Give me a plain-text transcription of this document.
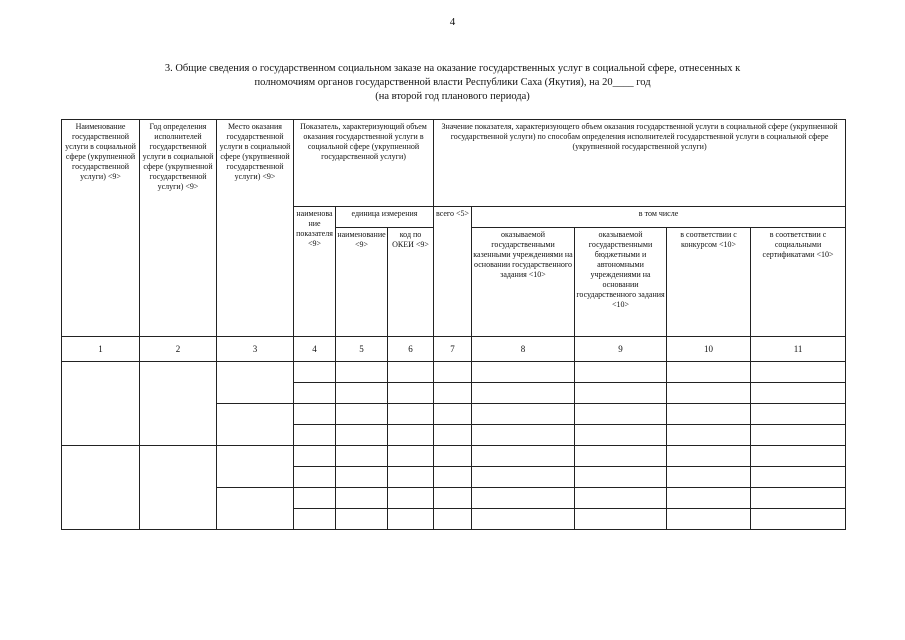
4
3. Общие сведения о государственном социальном заказе на оказание государственных услуг в социальной сфере, отнесенных к
полномочиям органов государственной власти Республики Саха (Якутия), на 20____ год
(на второй год планового периода)
Наименование государственной услуги в социальной сфере (укрупненной государственной услуги) <9>	Год определения исполнителей государственной услуги в социальной сфере (укрупненной государственной услуги) <9>	Место оказания государственной услуги в социальной сфере (укрупненной государственной услуги) <9>	Показатель, характеризующий объем оказания государственной услуги в социальной сфере (укрупненной государственной услуги)			Значение показателя, характеризующего объем оказания государственной услуги в социальной сфере (укрупненной государственной услуги) по способам определения исполнителей государственной услуги в социальной сфере (укрупненной государственной услуги)				
			наименование показателя <9>	единица измерения		всего <5>	в том числе			
				наименование <9>	код по ОКЕИ <9>		оказываемой государственными казенными учреждениями на основании государственного задания <10>	оказываемой государственными бюджетными и автономными учреждениями на основании государственного задания <10>	в соответствии с конкурсом <10>	в соответствии с социальными сертификатами <10>
1	2	3	4	5	6	7	8	9	10	11
